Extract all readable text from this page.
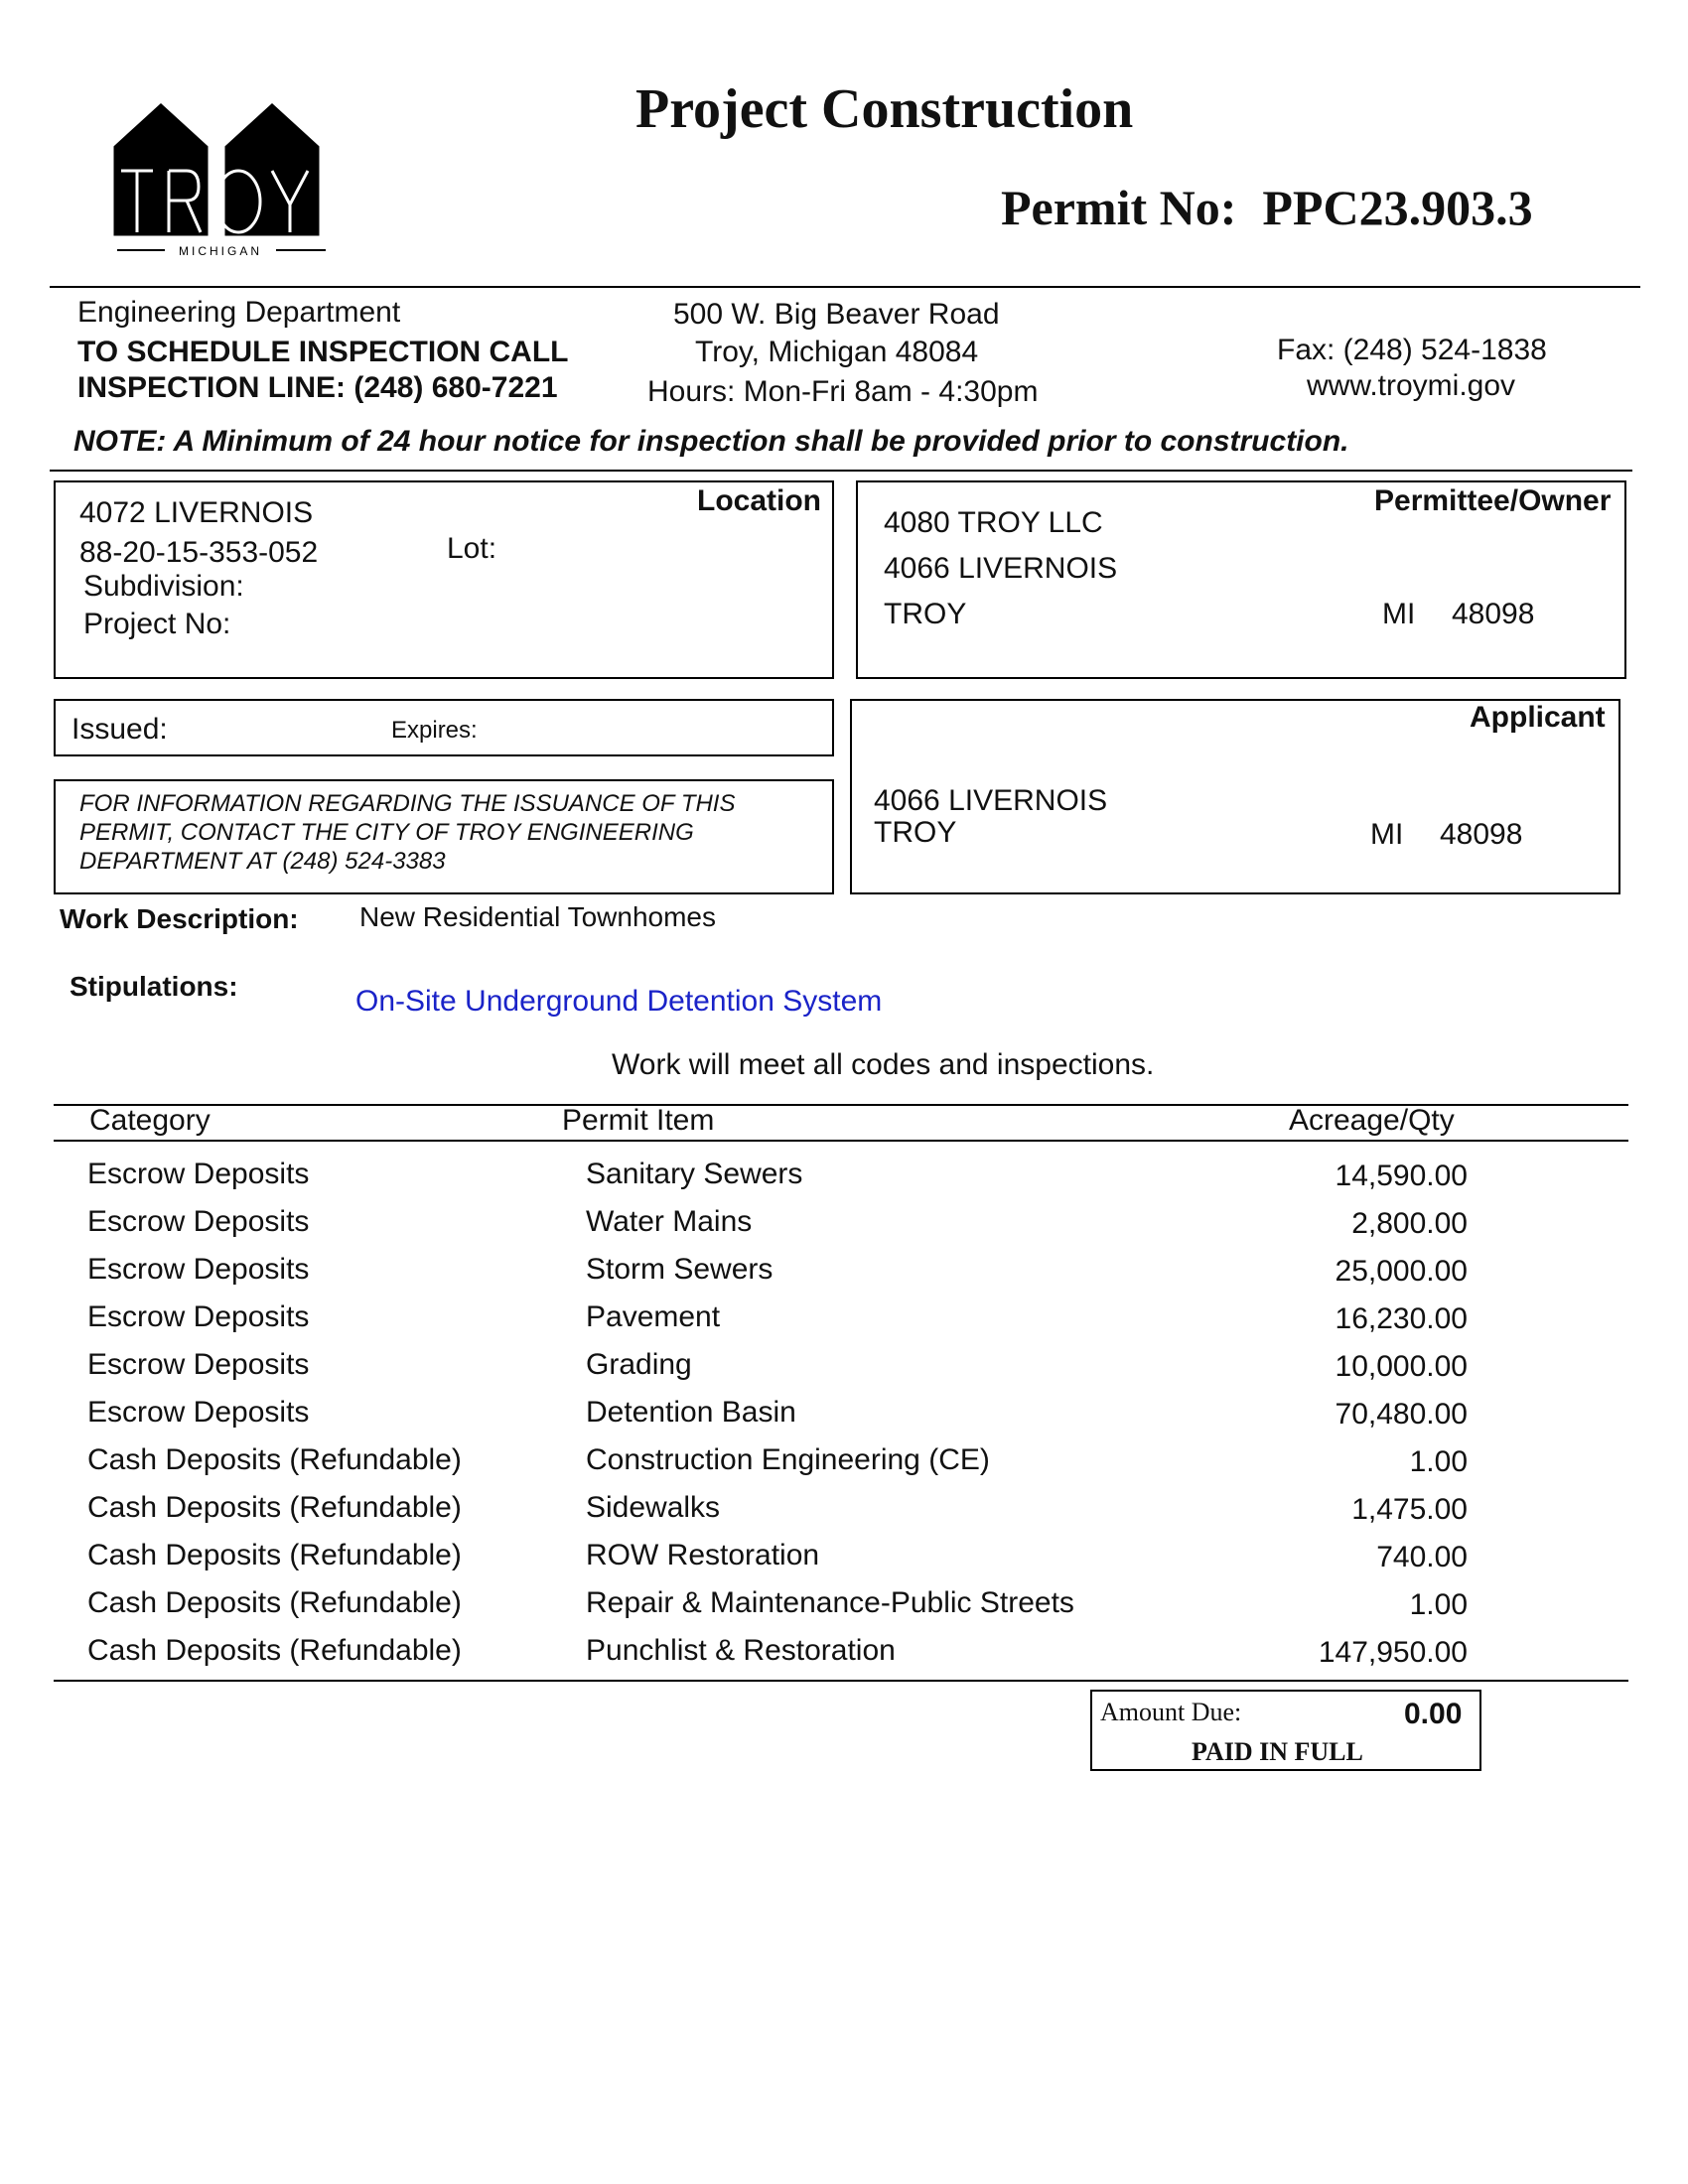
MICHIGAN
Project Construction
Permit No: PPC23.903.3
Engineering Department
TO SCHEDULE INSPECTION CALL
INSPECTION LINE: (248) 680-7221
500 W. Big Beaver Road
Troy, Michigan 48084
Hours: Mon-Fri 8am - 4:30pm
Fax: (248) 524-1838
www.troymi.gov
NOTE: A Minimum of 24 hour notice for inspection shall be provided prior to construction.
Location
4072 LIVERNOIS
88-20-15-353-052	Lot:
Subdivision:
Project No:
Permittee/Owner
4080 TROY LLC
4066 LIVERNOIS
TROY	MI 48098
Issued:	Expires:
FOR INFORMATION REGARDING THE ISSUANCE OF THIS
PERMIT, CONTACT THE CITY OF TROY ENGINEERING
DEPARTMENT AT (248) 524-3383
Applicant
4066 LIVERNOIS
TROY	MI 48098
Work Description: New Residential Townhomes
Stipulations:	On-Site Underground Detention System
Work will meet all codes and inspections.
Category	Permit Item	Acreage/Qty
Escrow Deposits	Sanitary Sewers	14,590.00
Escrow Deposits	Water Mains	2,800.00
Escrow Deposits	Storm Sewers	25,000.00
Escrow Deposits	Pavement	16,230.00
Escrow Deposits	Grading	10,000.00
Escrow Deposits	Detention Basin	70,480.00
Cash Deposits (Refundable)	Construction Engineering (CE)	1.00
Cash Deposits (Refundable)	Sidewalks	1,475.00
Cash Deposits (Refundable)	ROW Restoration	740.00
Cash Deposits (Refundable)	Repair & Maintenance-Public Streets	1.00
Cash Deposits (Refundable)	Punchlist & Restoration	147,950.00
Amount Due:	0.00
PAID IN FULL
